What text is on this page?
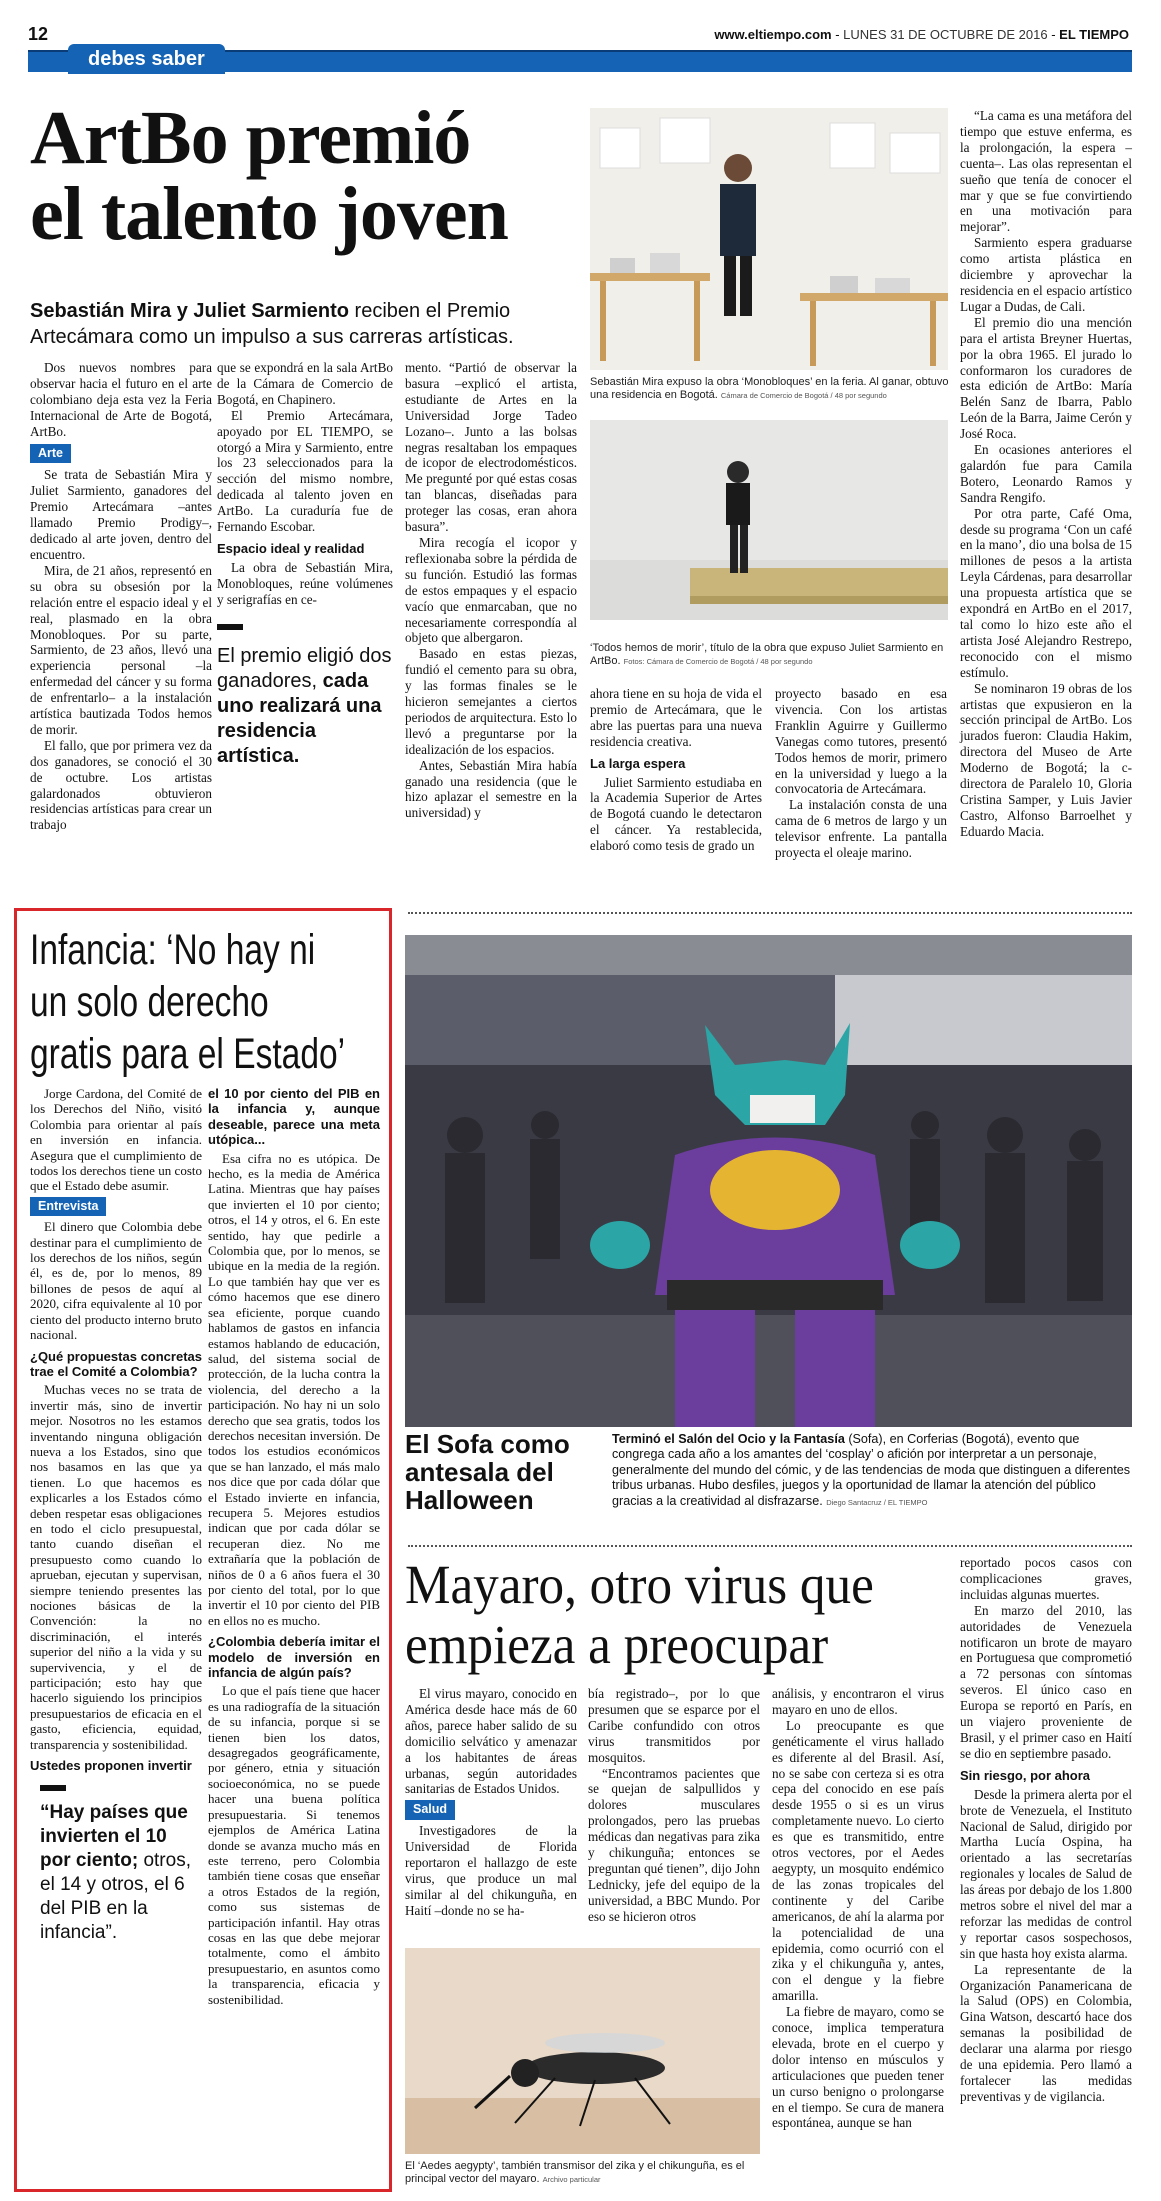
12	www.eltiempo.com - LUNES 31 DE OCTUBRE DE 2016 - EL TIEMPO
debes saber
ArtBo premió
el talento joven
Sebastián Mira y Juliet Sarmiento reciben el Premio
Artecámara como un impulso a sus carreras artísticas.

Dos nuevos nombres para observar hacia el futuro en el arte colombiano deja esta vez la Feria Internacional de Arte de Bogotá, ArtBo.

Arte

Se trata de Sebastián Mira y Juliet Sarmiento, ganadores del Premio Artecámara –antes llamado Premio Prodigy–, dedicado al arte joven, dentro del encuentro.

Mira, de 21 años, representó en su obra su obsesión por la relación entre el espacio ideal y el real, plasmado en la obra Monobloques. Por su parte, Sarmiento, de 23 años, llevó una experiencia personal –la enfermedad del cáncer y su forma de enfrentarlo– a la instalación artística bautizada Todos hemos de morir.

El fallo, que por primera vez da dos ganadores, se conoció el 30 de octubre. Los artistas galardonados obtuvieron residencias artísticas para crear un trabajo

que se expondrá en la sala ArtBo de la Cámara de Comercio de Bogotá, en Chapinero.

El Premio Artecámara, apoyado por EL TIEMPO, se otorgó a Mira y Sarmiento, entre los 23 seleccionados para la sección del mismo nombre, dedicada al talento joven en ArtBo. La curaduría fue de Fernando Escobar.

Espacio ideal y realidad

La obra de Sebastián Mira, Monobloques, reúne volúmenes y serigrafías en ce-

El premio eligió dos ganadores, cada uno realizará una residencia artística.

mento. “Partió de observar la basura –explicó el artista, estudiante de Artes en la Universidad Jorge Tadeo Lozano–. Junto a las bolsas negras resaltaban los empaques de icopor de electrodomésticos. Me pregunté por qué estas cosas tan blancas, diseñadas para proteger las cosas, eran ahora basura”.

Mira recogía el icopor y reflexionaba sobre la pérdida de su función. Estudió las formas de estos empaques y el espacio vacío que enmarcaban, que no necesariamente correspondía al objeto que albergaron.

Basado en estas piezas, fundió el cemento para su obra, y las formas finales se le hicieron semejantes a ciertos periodos de arquitectura. Esto lo llevó a preguntarse por la idealización de los espacios.

Antes, Sebastián Mira había ganado una residencia (que le hizo aplazar el semestre en la universidad) y

Sebastián Mira expuso la obra ‘Monobloques’ en la feria. Al ganar, obtuvo una residencia en Bogotá. Cámara de Comercio de Bogotá / 48 por segundo
‘Todos hemos de morir’, título de la obra que expuso Juliet Sarmiento en ArtBo. Fotos: Cámara de Comercio de Bogotá / 48 por segundo

ahora tiene en su hoja de vida el premio de Artecámara, que le abre las puertas para una nueva residencia creativa.

La larga espera

Juliet Sarmiento estudiaba en la Academia Superior de Artes de Bogotá cuando le detectaron el cáncer. Ya restablecida, elaboró como tesis de grado un

proyecto basado en esa vivencia. Con los artistas Franklin Aguirre y Guillermo Vanegas como tutores, presentó Todos hemos de morir, primero en la universidad y luego a la convocatoria de Artecámara.

La instalación consta de una cama de 6 metros de largo y un televisor enfrente. La pantalla proyecta el oleaje marino.

“La cama es una metáfora del tiempo que estuve enferma, es la prolongación, la espera –cuenta–. Las olas representan el sueño que tenía de conocer el mar y que se fue convirtiendo en una motivación para mejorar”.

Sarmiento espera graduarse como artista plástica en diciembre y aprovechar la residencia en el espacio artístico Lugar a Dudas, de Cali.

El premio dio una mención para el artista Breyner Huertas, por la obra 1965. El jurado lo conformaron los curadores de esta edición de ArtBo: María Belén Sanz de Ibarra, Pablo León de la Barra, Jaime Cerón y José Roca.

En ocasiones anteriores el galardón fue para Camila Botero, Leonardo Ramos y Sandra Rengifo.

Por otra parte, Café Oma, desde su programa ‘Con un café en la mano’, dio una bolsa de 15 millones de pesos a la artista Leyla Cárdenas, para desarrollar una propuesta artística que se expondrá en ArtBo en el 2017, tal como lo hizo este año el artista José Alejandro Restrepo, reconocido con el mismo estímulo.

Se nominaron 19 obras de los artistas que expusieron en la sección principal de ArtBo. Los jurados fueron: Claudia Hakim, directora del Museo de Arte Moderno de Bogotá; la c-directora de Paralelo 10, Gloria Cristina Samper, y Luis Javier Castro, Alfonso Barroelhet y Eduardo Macia.

Infancia: ‘No hay ni
un solo derecho
gratis para el Estado’

Jorge Cardona, del Comité de los Derechos del Niño, visitó Colombia para orientar al país en inversión en infancia. Asegura que el cumplimiento de todos los derechos tiene un costo que el Estado debe asumir.

Entrevista

El dinero que Colombia debe destinar para el cumplimiento de los derechos de los niños, según él, es de, por lo menos, 89 billones de pesos de aquí al 2020, cifra equivalente al 10 por ciento del producto interno bruto nacional.

¿Qué propuestas concretas trae el Comité a Colombia?

Muchas veces no se trata de invertir más, sino de invertir mejor. Nosotros no les estamos inventando ninguna obligación nueva a los Estados, sino que nos basamos en las que ya tienen. Lo que hacemos es explicarles a los Estados cómo deben respetar esas obligaciones en todo el ciclo presupuestal, tanto cuando diseñan el presupuesto como cuando lo aprueban, ejecutan y supervisan, siempre teniendo presentes las nociones básicas de la Convención: la no discriminación, el interés superior del niño a la vida y su supervivencia, y el de participación; esto hay que hacerlo siguiendo los principios presupuestarios de eficacia en el gasto, eficiencia, equidad, transparencia y sostenibilidad.

Ustedes proponen invertir
“Hay países que invierten el 10 por ciento; otros, el 14 y otros, el 6 del PIB en la infancia”.
el 10 por ciento del PIB en la infancia y, aunque deseable, parece una meta utópica...

Esa cifra no es utópica. De hecho, es la media de América Latina. Mientras que hay países que invierten el 10 por ciento; otros, el 14 y otros, el 6. En este sentido, hay que pedirle a Colombia que, por lo menos, se ubique en la media de la región. Lo que también hay que ver es cómo hacemos que ese dinero sea eficiente, porque cuando hablamos de gastos en infancia estamos hablando de educación, salud, del sistema social de protección, de la lucha contra la violencia, del derecho a la participación. No hay ni un solo derecho que sea gratis, todos los derechos necesitan inversión. De todos los estudios económicos que se han lanzado, el más malo nos dice que por cada dólar que el Estado invierte en infancia, recupera 5. Mejores estudios indican que por cada dólar se recuperan diez. No me extrañaría que la población de niños de 0 a 6 años fuera el 30 por ciento del total, por lo que invertir el 10 por ciento del PIB en ellos no es mucho.

¿Colombia debería imitar el modelo de inversión en infancia de algún país?

Lo que el país tiene que hacer es una radiografía de la situación de su infancia, porque si se tienen bien los datos, desagregados geográficamente, por género, etnia y situación socioeconómica, no se puede hacer una buena política presupuestaria. Si tenemos ejemplos de América Latina donde se avanza mucho más en este terreno, pero Colombia también tiene cosas que enseñar a otros Estados de la región, como sus sistemas de participación infantil. Hay otras cosas en las que debe mejorar totalmente, como el ámbito presupuestario, en asuntos como la transparencia, eficacia y sostenibilidad.

El Sofa como
antesala del
Halloween
Terminó el Salón del Ocio y la Fantasía (Sofa), en Corferias (Bogotá), evento que congrega cada año a los amantes del ‘cosplay’ o afición por interpretar a un personaje, generalmente del mundo del cómic, y de las tendencias de moda que distinguen a diferentes tribus urbanas. Hubo desfiles, juegos y la oportunidad de llamar la atención del público gracias a la creatividad al disfrazarse. Diego Santacruz / EL TIEMPO
Mayaro, otro virus que
empieza a preocupar

El virus mayaro, conocido en América desde hace más de 60 años, parece haber salido de su domicilio selvático y amenazar a los habitantes de áreas urbanas, según autoridades sanitarias de Estados Unidos.

Salud

Investigadores de la Universidad de Florida reportaron el hallazgo de este virus, que produce un mal similar al del chikunguña, en Haití –donde no se ha-

bía registrado–, por lo que presumen que se esparce por el Caribe confundido con otros virus transmitidos por mosquitos.

“Encontramos pacientes que se quejan de salpullidos y dolores musculares prolongados, pero las pruebas médicas dan negativas para zika y chikunguña; entonces se preguntan qué tienen”, dijo John Lednicky, jefe del equipo de la universidad, a BBC Mundo. Por eso se hicieron otros

El ‘Aedes aegypty’, también transmisor del zika y el chikunguña, es el principal vector del mayaro. Archivo particular

análisis, y encontraron el virus mayaro en uno de ellos.

Lo preocupante es que genéticamente el virus hallado es diferente al del Brasil. Así, no se sabe con certeza si es otra cepa del conocido en ese país desde 1955 o si es un virus completamente nuevo. Lo cierto es que es transmitido, entre otros vectores, por el Aedes aegypty, un mosquito endémico de las zonas tropicales del continente y del Caribe americanos, de ahí la alarma por la potencialidad de una epidemia, como ocurrió con el zika y el chikunguña y, antes, con el dengue y la fiebre amarilla.

La fiebre de mayaro, como se conoce, implica temperatura elevada, brote en el cuerpo y dolor intenso en músculos y articulaciones que pueden tener un curso benigno o prolongarse en el tiempo. Se cura de manera espontánea, aunque se han

reportado pocos casos con complicaciones graves, incluidas algunas muertes.

En marzo del 2010, las autoridades de Venezuela notificaron un brote de mayaro en Portuguesa que comprometió a 72 personas con síntomas severos. El único caso en Europa se reportó en París, en un viajero proveniente de Brasil, y el primer caso en Haití se dio en septiembre pasado.

Sin riesgo, por ahora

Desde la primera alerta por el brote de Venezuela, el Instituto Nacional de Salud, dirigido por Martha Lucía Ospina, ha orientado a las secretarías regionales y locales de Salud de las áreas por debajo de los 1.800 metros sobre el nivel del mar a reforzar las medidas de control y reportar casos sospechosos, sin que hasta hoy exista alarma.

La representante de la Organización Panamericana de la Salud (OPS) en Colombia, Gina Watson, descartó hace dos semanas la posibilidad de declarar una alarma por riesgo de una epidemia. Pero llamó a fortalecer las medidas preventivas y de vigilancia.
